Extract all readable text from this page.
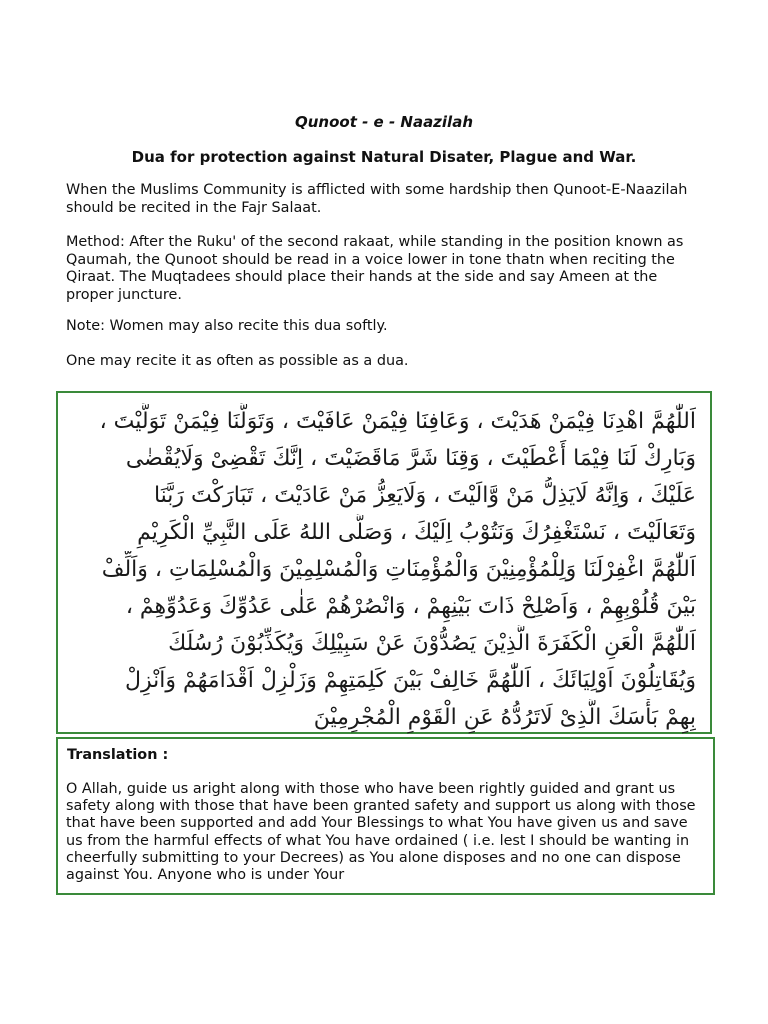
Qunoot - e - Naazilah
Dua for protection against Natural Disater, Plague and War.

When the Muslims Community is afflicted with some hardship then Qunoot-E-Naazilah should be recited in the Fajr Salaat.

Method: After the Ruku' of the second rakaat, while standing in the position known as Qaumah, the Qunoot should be read in a voice lower in tone thatn when reciting the Qiraat. The Muqtadees should place their hands at the side and say Ameen at the proper juncture.

Note: Women may also recite this dua softly.

One may recite it as often as possible as a dua.

اَللّٰهُمَّ اهْدِنَا فِيْمَنْ هَدَيْتَ ، وَعَافِنَا فِيْمَنْ عَافَيْتَ ، وَتَوَلَّنَا فِيْمَنْ تَوَلَّيْتَ ،
وَبَارِكْ لَنَا فِيْمَا أَعْطَيْتَ ، وَقِنَا شَرَّ مَاقَضَيْتَ ، اِنَّكَ تَقْضِىْ وَلَايُقْضٰى
عَلَيْكَ ، وَاِنَّهُ لَايَذِلُّ مَنْ وَّالَيْتَ ، وَلَايَعِزُّ مَنْ عَادَيْتَ ، تَبَارَكْتَ رَبَّنَا
وَتَعَالَيْتَ ، نَسْتَغْفِرُكَ وَنَتُوْبُ اِلَيْكَ ، وَصَلَّى اللهُ عَلَى النَّبِيِّ الْكَرِيْمِ
اَللّٰهُمَّ اغْفِرْلَنَا وَلِلْمُؤْمِنِيْنَ وَالْمُؤْمِنَاتِ وَالْمُسْلِمِيْنَ وَالْمُسْلِمَاتِ ، وَاَلِّفْ
بَيْنَ قُلُوْبِهِمْ ، وَاَصْلِحْ ذَاتَ بَيْنِهِمْ ، وَانْصُرْهُمْ عَلٰى عَدُوِّكَ وَعَدُوِّهِمْ ،
اَللّٰهُمَّ الْعَنِ الْكَفَرَةَ الَّذِيْنَ يَصُدُّوْنَ عَنْ سَبِيْلِكَ وَيُكَذِّبُوْنَ رُسُلَكَ
وَيُقَاتِلُوْنَ اَوْلِيَائَكَ ، اَللّٰهُمَّ خَالِفْ بَيْنَ كَلِمَتِهِمْ وَزَلْزِلْ اَقْدَامَهُمْ وَاَنْزِلْ
بِهِمْ بَأْسَكَ الَّذِىْ لَاتَرُدُّهُ عَنِ الْقَوْمِ الْمُجْرِمِيْنَ
Translation :

O Allah, guide us aright along with those who have been rightly guided and grant us safety along with those that have been granted safety and support us along with those that have been supported and add Your Blessings to what You have given us and save us from the harmful effects of what You have ordained ( i.e. lest I should be wanting in cheerfully submitting to your Decrees) as You alone disposes and no one can dispose against You. Anyone who is under Your
